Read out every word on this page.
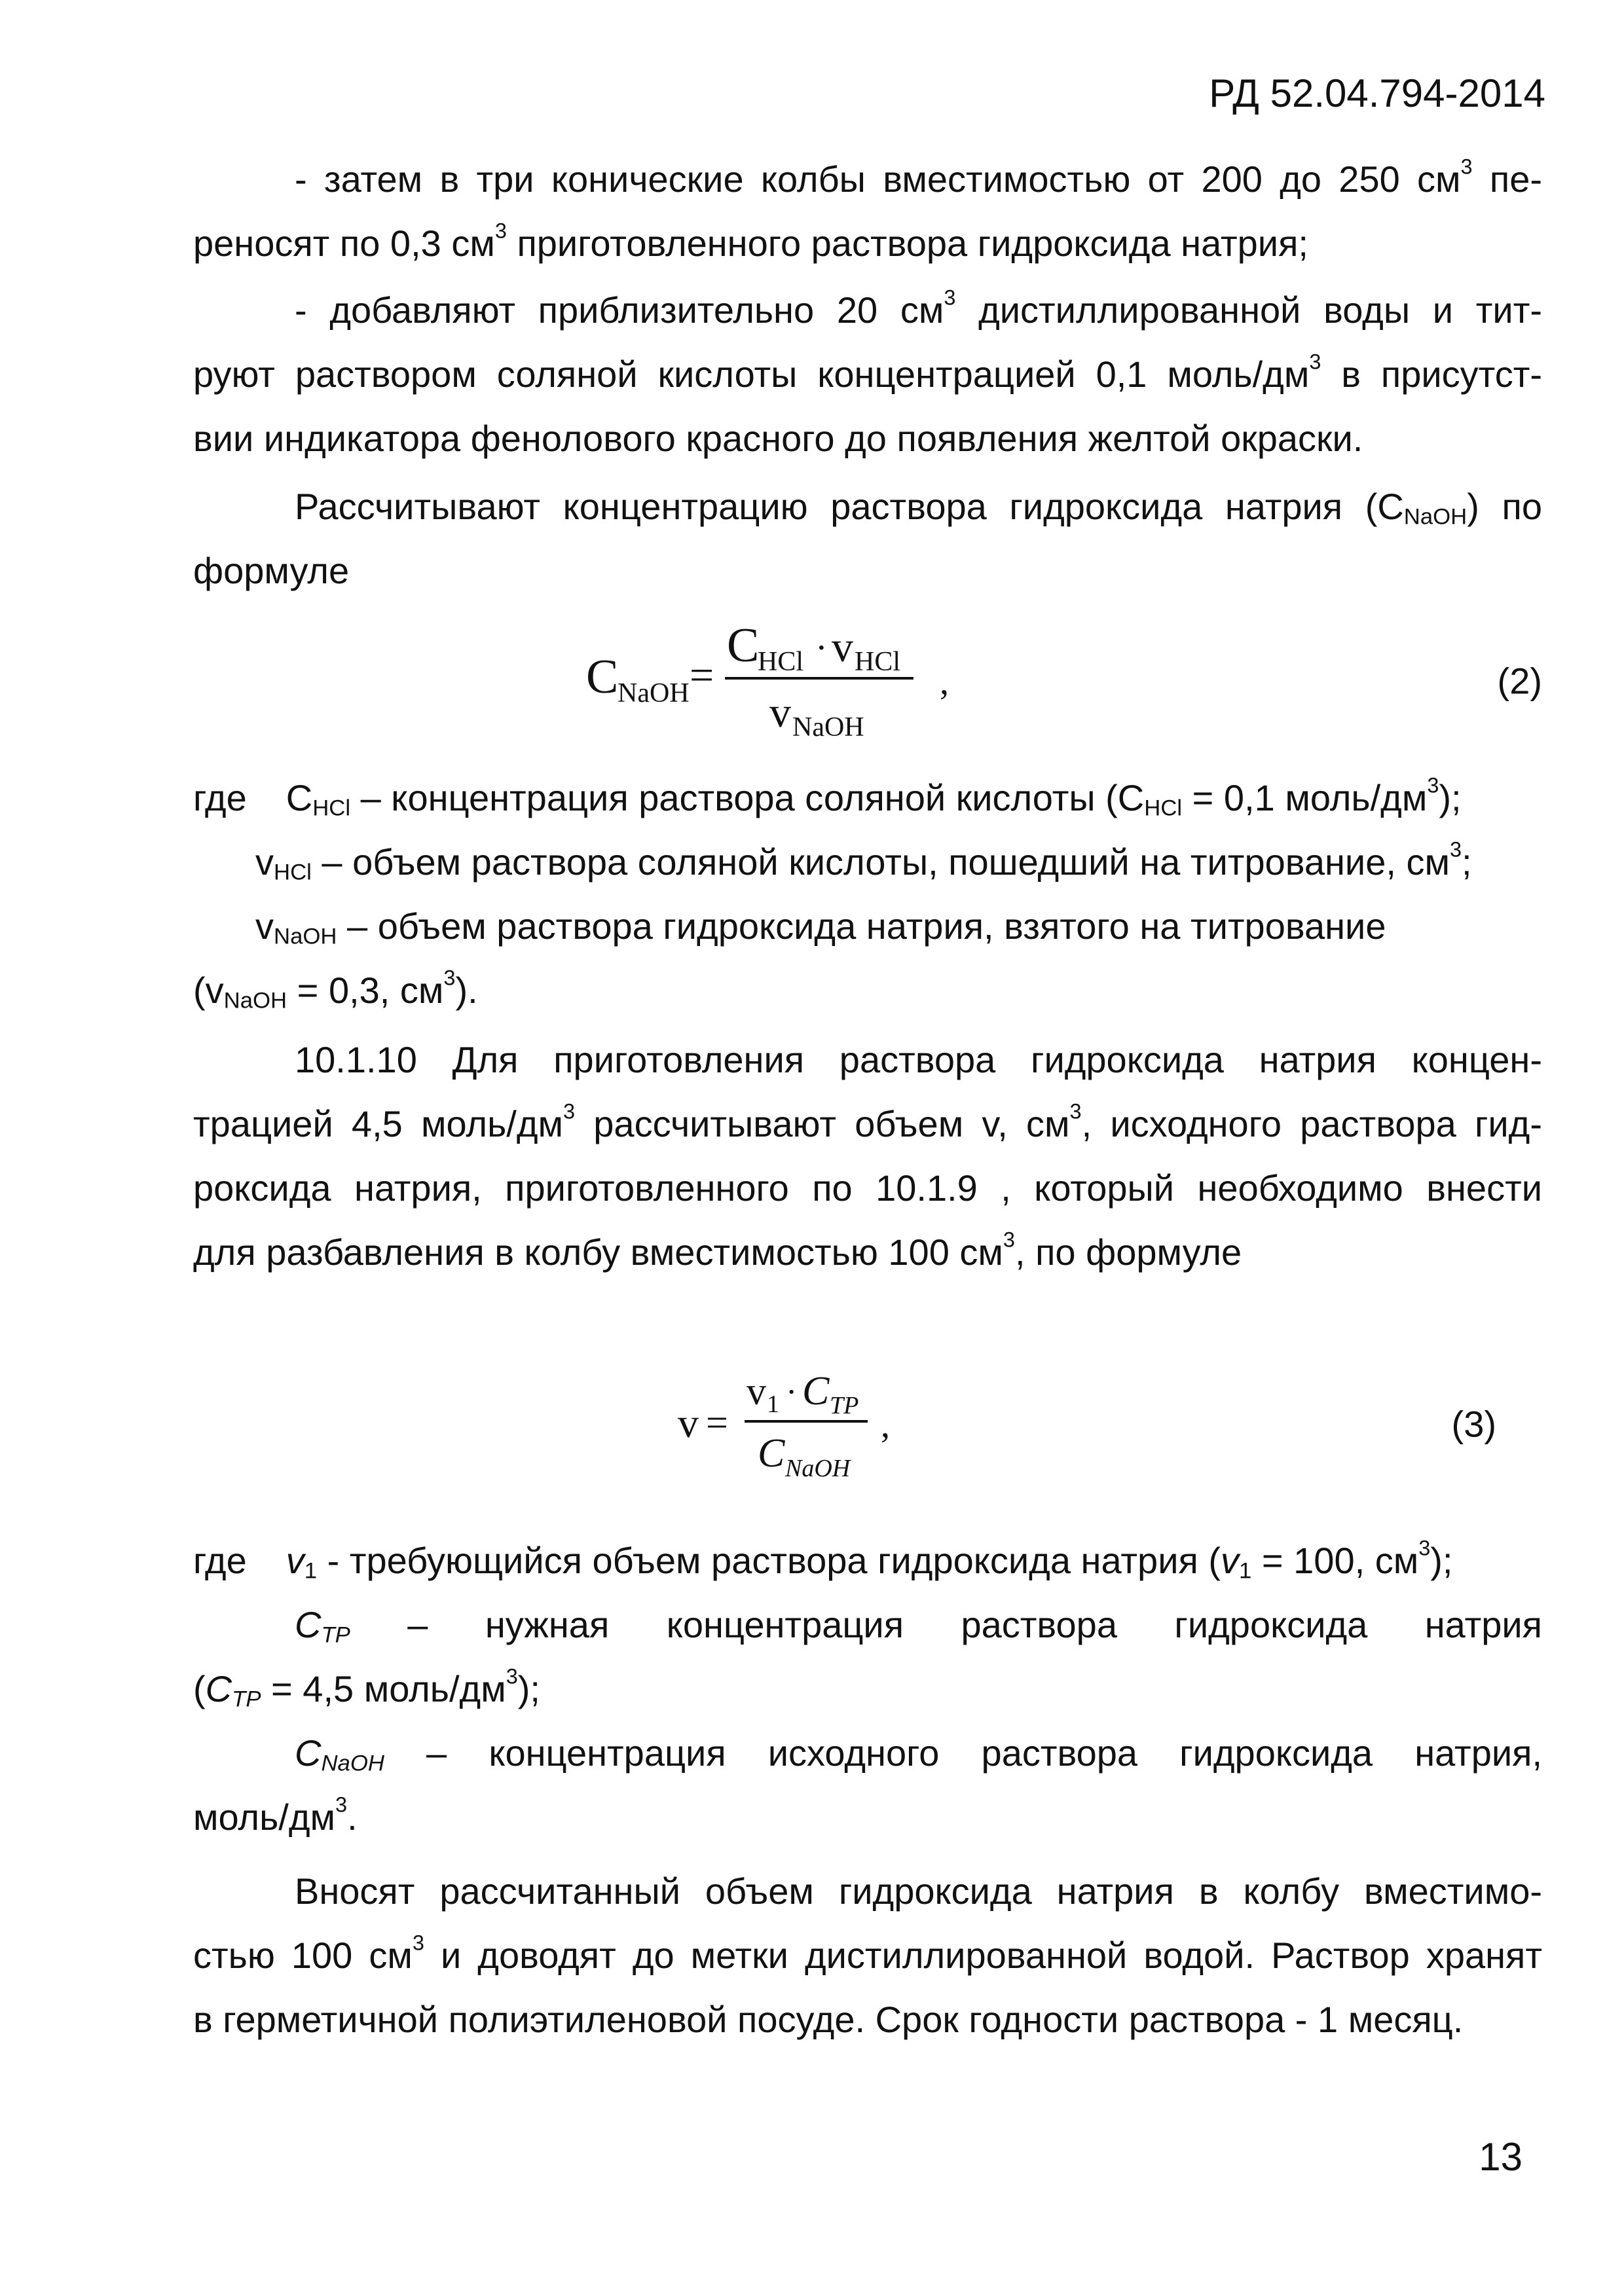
РД 52.04.794-2014

- затем в три конические колбы вместимостью от 200 до 250 $см^3$ пе-

реносят по 0,3 $см^3$ приготовленного раствора гидроксида натрия;

- добавляют приблизительно 20 $см^3$ дистиллированной воды и тит-

руют раствором соляной кислоты концентрацией 0,1 моль/$дм^3$ в присутст-

вии индикатора фенолового красного до появления желтой окраски.

Рассчитывают концентрацию раствора гидроксида натрия $(C_{NaOH})$ по

формуле

C
NaOH =
C
HCl · v HCl
v NaOH
,	(2)

где $C_{HCl}$ – концентрация раствора соляной кислоты ($C_{HCl} = 0,1$ моль/$дм^3$);

$v_{HCl}$ – объем раствора соляной кислоты, пошедший на титрование, $см^3$;

$v_{NaOH}$ – объем раствора гидроксида натрия, взятого на титрование

($v_{NaOH} = 0,3$, $см^3$).

10.1.10 Для приготовления раствора гидроксида натрия концен-

трацией 4,5 моль/$дм^3$ рассчитывают объем v, $см^3$, исходного раствора гид-

роксида натрия, приготовленного по 10.1.9 , который необходимо внести

для разбавления в колбу вместимостью 100 $см^3$, по формуле

v =
v 1 · C TP
C NaOH
,	(3)

где $v_1$ - требующийся объем раствора гидроксида натрия ($v_1 = 100$, $см^3$);

$C_{TP}$ – нужная концентрация раствора гидроксида натрия

($C_{TP} = 4,5$ моль/$дм^3$);

$C_{NaOH}$ – концентрация исходного раствора гидроксида натрия,

моль/$дм^3$.

Вносят рассчитанный объем гидроксида натрия в колбу вместимо-

стью 100 $см^3$ и доводят до метки дистиллированной водой. Раствор хранят

в герметичной полиэтиленовой посуде. Срок годности раствора - 1 месяц.

13
